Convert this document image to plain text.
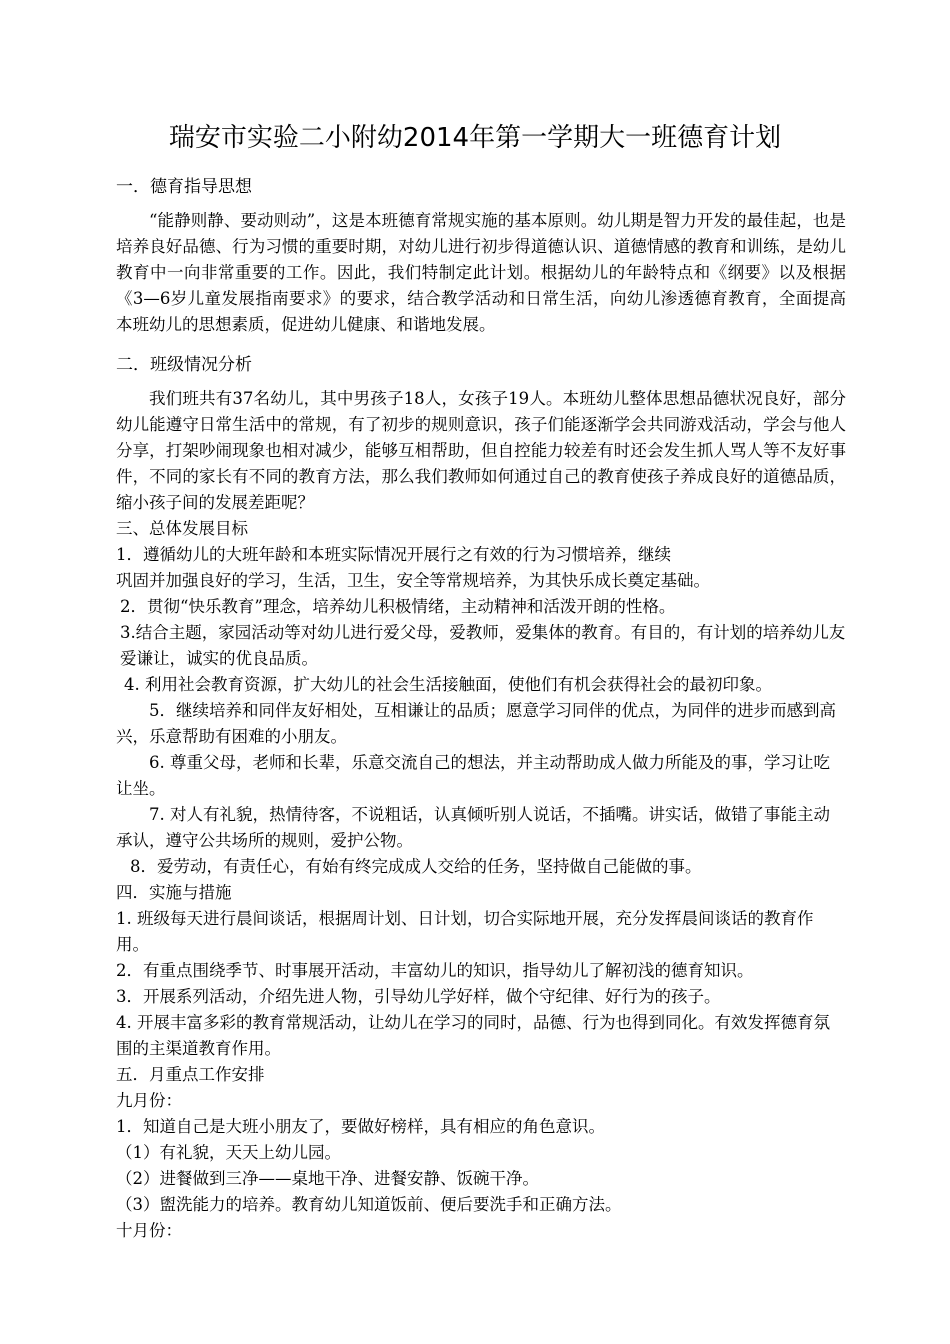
瑞安市实验二小附幼2014年第一学期大一班德育计划
一．德育指导思想

“能静则静、要动则动”，这是本班德育常规实施的基本原则。幼儿期是智力开发的最佳起，也是培养良好品德、行为习惯的重要时期，对幼儿进行初步得道德认识、道德情感的教育和训练，是幼儿教育中一向非常重要的工作。因此，我们特制定此计划。根据幼儿的年龄特点和《纲要》以及根据《3—6岁儿童发展指南要求》的要求，结合教学活动和日常生活，向幼儿渗透德育教育，全面提高本班幼儿的思想素质，促进幼儿健康、和谐地发展。

二．班级情况分析

我们班共有37名幼儿，其中男孩子18人，女孩子19人。本班幼儿整体思想品德状况良好，部分幼儿能遵守日常生活中的常规，有了初步的规则意识，孩子们能逐渐学会共同游戏活动，学会与他人分享，打架吵闹现象也相对减少，能够互相帮助，但自控能力较差有时还会发生抓人骂人等不友好事件，不同的家长有不同的教育方法，那么我们教师如何通过自己的教育使孩子养成良好的道德品质，缩小孩子间的发展差距呢？

三、总体发展目标

1．遵循幼儿的大班年龄和本班实际情况开展行之有效的行为习惯培养，继续

巩固并加强良好的学习，生活，卫生，安全等常规培养，为其快乐成长奠定基础。

2．贯彻“快乐教育”理念，培养幼儿积极情绪，主动精神和活泼开朗的性格。

3.结合主题，家园活动等对幼儿进行爱父母，爱教师，爱集体的教育。有目的，有计划的培养幼儿友爱谦让，诚实的优良品质。

4. 利用社会教育资源，扩大幼儿的社会生活接触面，使他们有机会获得社会的最初印象。

5．继续培养和同伴友好相处，互相谦让的品质；愿意学习同伴的优点，为同伴的进步而感到高兴，乐意帮助有困难的小朋友。

6. 尊重父母，老师和长辈，乐意交流自己的想法，并主动帮助成人做力所能及的事，学习让吃让坐。

7. 对人有礼貌，热情待客，不说粗话，认真倾听别人说话，不插嘴。讲实话，做错了事能主动承认，遵守公共场所的规则，爱护公物。

8．爱劳动，有责任心，有始有终完成成人交给的任务，坚持做自己能做的事。

四．实施与措施

1. 班级每天进行晨间谈话，根据周计划、日计划，切合实际地开展，充分发挥晨间谈话的教育作用。

2．有重点围绕季节、时事展开活动，丰富幼儿的知识，指导幼儿了解初浅的德育知识。

3．开展系列活动，介绍先进人物，引导幼儿学好样，做个守纪律、好行为的孩子。

4. 开展丰富多彩的教育常规活动，让幼儿在学习的同时，品德、行为也得到同化。有效发挥德育氛围的主渠道教育作用。

五．月重点工作安排

九月份：

1．知道自己是大班小朋友了，要做好榜样，具有相应的角色意识。

（1）有礼貌，天天上幼儿园。

（2）进餐做到三净——桌地干净、进餐安静、饭碗干净。

（3）盥洗能力的培养。教育幼儿知道饭前、便后要洗手和正确方法。

十月份：
